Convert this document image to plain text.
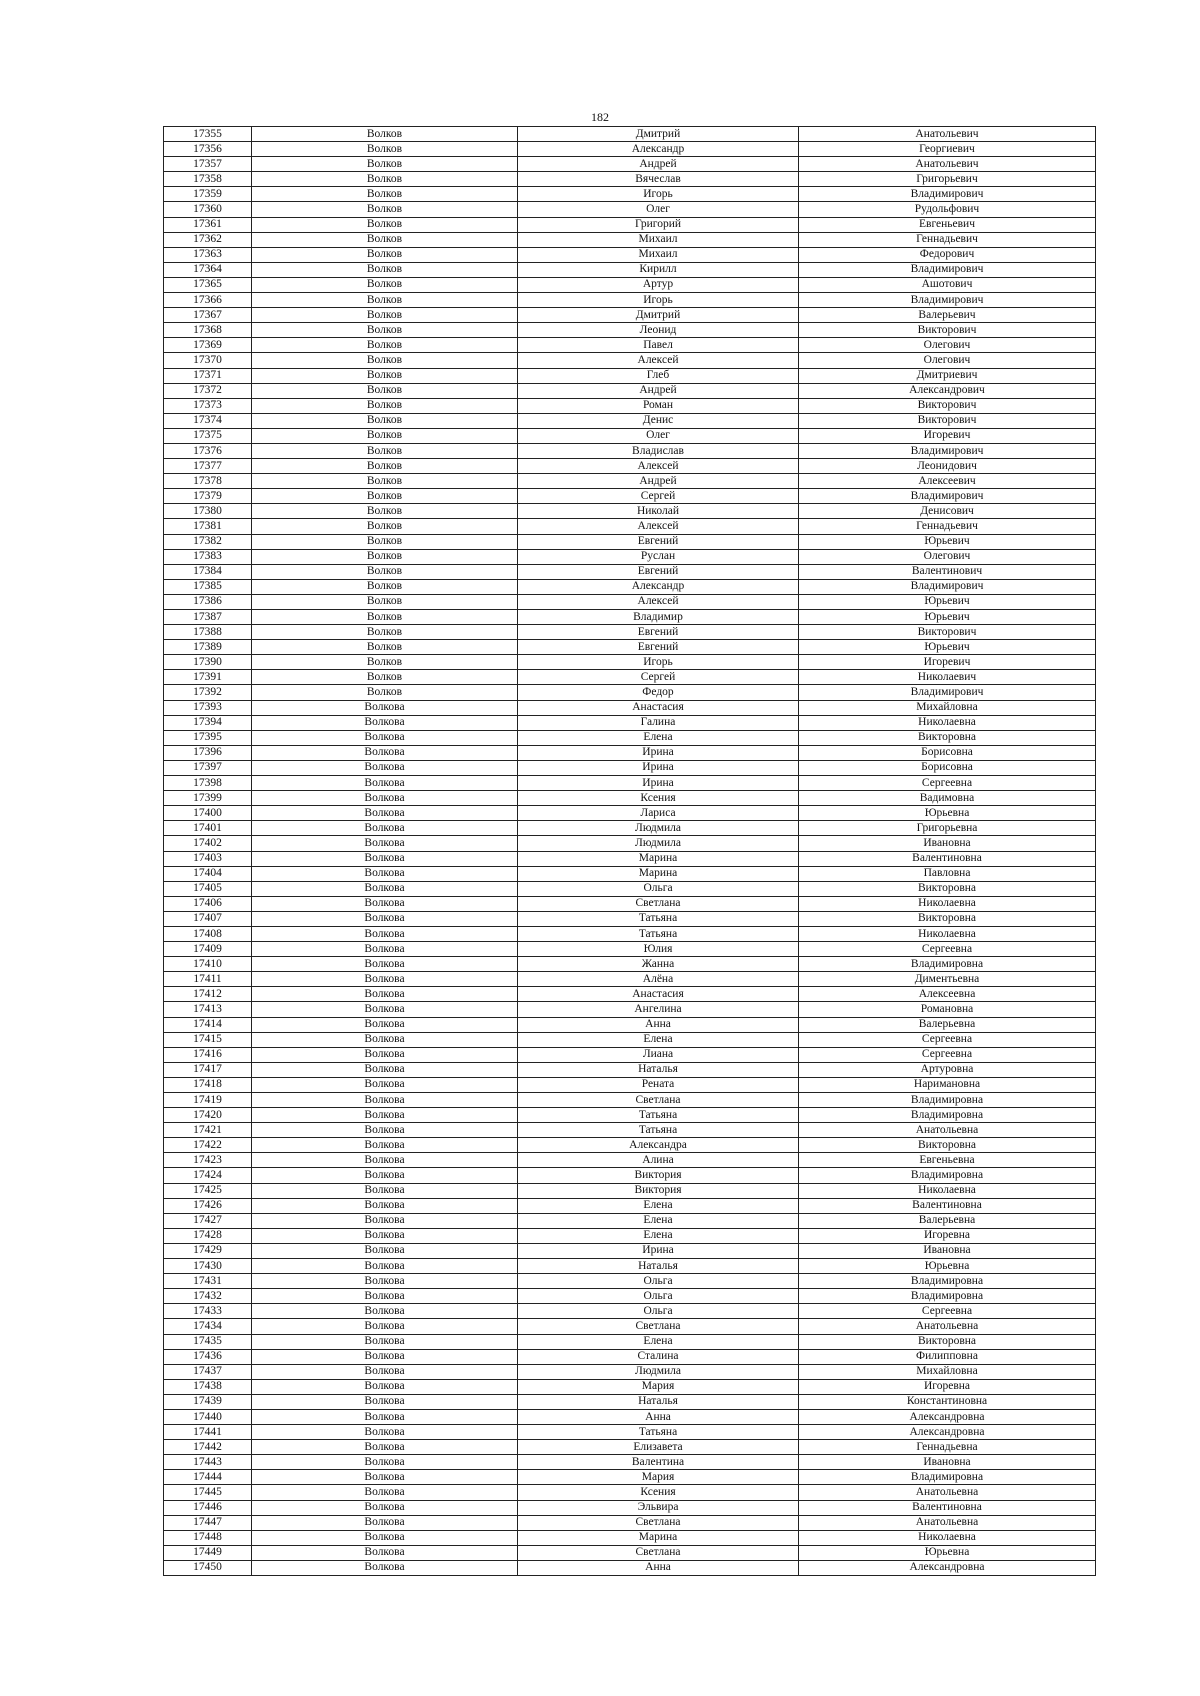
182
17355	Волков	Дмитрий	Анатольевич
17356	Волков	Александр	Георгиевич
17357	Волков	Андрей	Анатольевич
17358	Волков	Вячеслав	Григорьевич
17359	Волков	Игорь	Владимирович
17360	Волков	Олег	Рудольфович
17361	Волков	Григорий	Евгеньевич
17362	Волков	Михаил	Геннадьевич
17363	Волков	Михаил	Федорович
17364	Волков	Кирилл	Владимирович
17365	Волков	Артур	Ашотович
17366	Волков	Игорь	Владимирович
17367	Волков	Дмитрий	Валерьевич
17368	Волков	Леонид	Викторович
17369	Волков	Павел	Олегович
17370	Волков	Алексей	Олегович
17371	Волков	Глеб	Дмитриевич
17372	Волков	Андрей	Александрович
17373	Волков	Роман	Викторович
17374	Волков	Денис	Викторович
17375	Волков	Олег	Игоревич
17376	Волков	Владислав	Владимирович
17377	Волков	Алексей	Леонидович
17378	Волков	Андрей	Алексеевич
17379	Волков	Сергей	Владимирович
17380	Волков	Николай	Денисович
17381	Волков	Алексей	Геннадьевич
17382	Волков	Евгений	Юрьевич
17383	Волков	Руслан	Олегович
17384	Волков	Евгений	Валентинович
17385	Волков	Александр	Владимирович
17386	Волков	Алексей	Юрьевич
17387	Волков	Владимир	Юрьевич
17388	Волков	Евгений	Викторович
17389	Волков	Евгений	Юрьевич
17390	Волков	Игорь	Игоревич
17391	Волков	Сергей	Николаевич
17392	Волков	Федор	Владимирович
17393	Волкова	Анастасия	Михайловна
17394	Волкова	Галина	Николаевна
17395	Волкова	Елена	Викторовна
17396	Волкова	Ирина	Борисовна
17397	Волкова	Ирина	Борисовна
17398	Волкова	Ирина	Сергеевна
17399	Волкова	Ксения	Вадимовна
17400	Волкова	Лариса	Юрьевна
17401	Волкова	Людмила	Григорьевна
17402	Волкова	Людмила	Ивановна
17403	Волкова	Марина	Валентиновна
17404	Волкова	Марина	Павловна
17405	Волкова	Ольга	Викторовна
17406	Волкова	Светлана	Николаевна
17407	Волкова	Татьяна	Викторовна
17408	Волкова	Татьяна	Николаевна
17409	Волкова	Юлия	Сергеевна
17410	Волкова	Жанна	Владимировна
17411	Волкова	Алёна	Диментьевна
17412	Волкова	Анастасия	Алексеевна
17413	Волкова	Ангелина	Романовна
17414	Волкова	Анна	Валерьевна
17415	Волкова	Елена	Сергеевна
17416	Волкова	Лиана	Сергеевна
17417	Волкова	Наталья	Артуровна
17418	Волкова	Рената	Наримановна
17419	Волкова	Светлана	Владимировна
17420	Волкова	Татьяна	Владимировна
17421	Волкова	Татьяна	Анатольевна
17422	Волкова	Александра	Викторовна
17423	Волкова	Алина	Евгеньевна
17424	Волкова	Виктория	Владимировна
17425	Волкова	Виктория	Николаевна
17426	Волкова	Елена	Валентиновна
17427	Волкова	Елена	Валерьевна
17428	Волкова	Елена	Игоревна
17429	Волкова	Ирина	Ивановна
17430	Волкова	Наталья	Юрьевна
17431	Волкова	Ольга	Владимировна
17432	Волкова	Ольга	Владимировна
17433	Волкова	Ольга	Сергеевна
17434	Волкова	Светлана	Анатольевна
17435	Волкова	Елена	Викторовна
17436	Волкова	Сталина	Филипповна
17437	Волкова	Людмила	Михайловна
17438	Волкова	Мария	Игоревна
17439	Волкова	Наталья	Константиновна
17440	Волкова	Анна	Александровна
17441	Волкова	Татьяна	Александровна
17442	Волкова	Елизавета	Геннадьевна
17443	Волкова	Валентина	Ивановна
17444	Волкова	Мария	Владимировна
17445	Волкова	Ксения	Анатольевна
17446	Волкова	Эльвира	Валентиновна
17447	Волкова	Светлана	Анатольевна
17448	Волкова	Марина	Николаевна
17449	Волкова	Светлана	Юрьевна
17450	Волкова	Анна	Александровна
